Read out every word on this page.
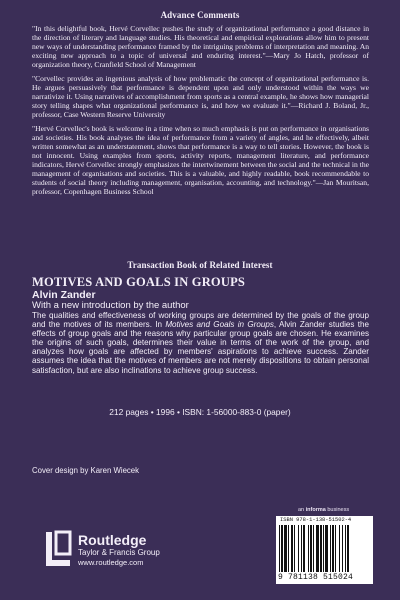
Advance Comments

"In this delightful book, Hervé Corvellec pushes the study of organizational performance a good distance in the direction of literary and language studies. His theoretical and empirical explorations allow him to present new ways of understanding performance framed by the intriguing problems of interpretation and meaning. An exciting new approach to a topic of universal and enduring interest."—Mary Jo Hatch, professor of organization theory, Cranfield School of Management

"Corvellec provides an ingenious analysis of how problematic the concept of organizational performance is. He argues persuasively that performance is dependent upon and only understood within the ways we narrativize it. Using narratives of accomplishment from sports as a central example, he shows how managerial story telling shapes what organizational performance is, and how we evaluate it."—Richard J. Boland, Jr., professor, Case Western Reserve University

"Hervé Corvellec's book is welcome in a time when so much emphasis is put on performance in organisations and societies. His book analyses the idea of performance from a variety of angles, and he effectively, albeit written somewhat as an understatement, shows that performance is a way to tell stories. However, the book is not innocent. Using examples from sports, activity reports, management literature, and performance indicators, Hervé Corvellec strongly emphasizes the intertwinement between the social and the technical in the management of organisations and societies. This is a valuable, and highly readable, book recommendable to students of social theory including management, organisation, accounting, and technology."—Jan Mouritsan, professor, Copenhagen Business School

Transaction Book of Related Interest
MOTIVES AND GOALS IN GROUPS
Alvin Zander
With a new introduction by the author
The qualities and effectiveness of working groups are determined by the goals of the group and the motives of its members. In Motives and Goals in Groups, Alvin Zander studies the effects of group goals and the reasons why particular group goals are chosen. He examines the origins of such goals, determines their value in terms of the work of the group, and analyzes how goals are affected by members' aspirations to achieve success. Zander assumes the idea that the motives of members are not merely dispositions to obtain personal satisfaction, but are also inclinations to achieve group success.
212 pages • 1996 • ISBN: 1-56000-883-0 (paper)
Cover design by Karen Wiecek
Routledge
Taylor & Francis Group
www.routledge.com
an informa business
ISBN 978-1-138-51502-4
9 781138 515024
